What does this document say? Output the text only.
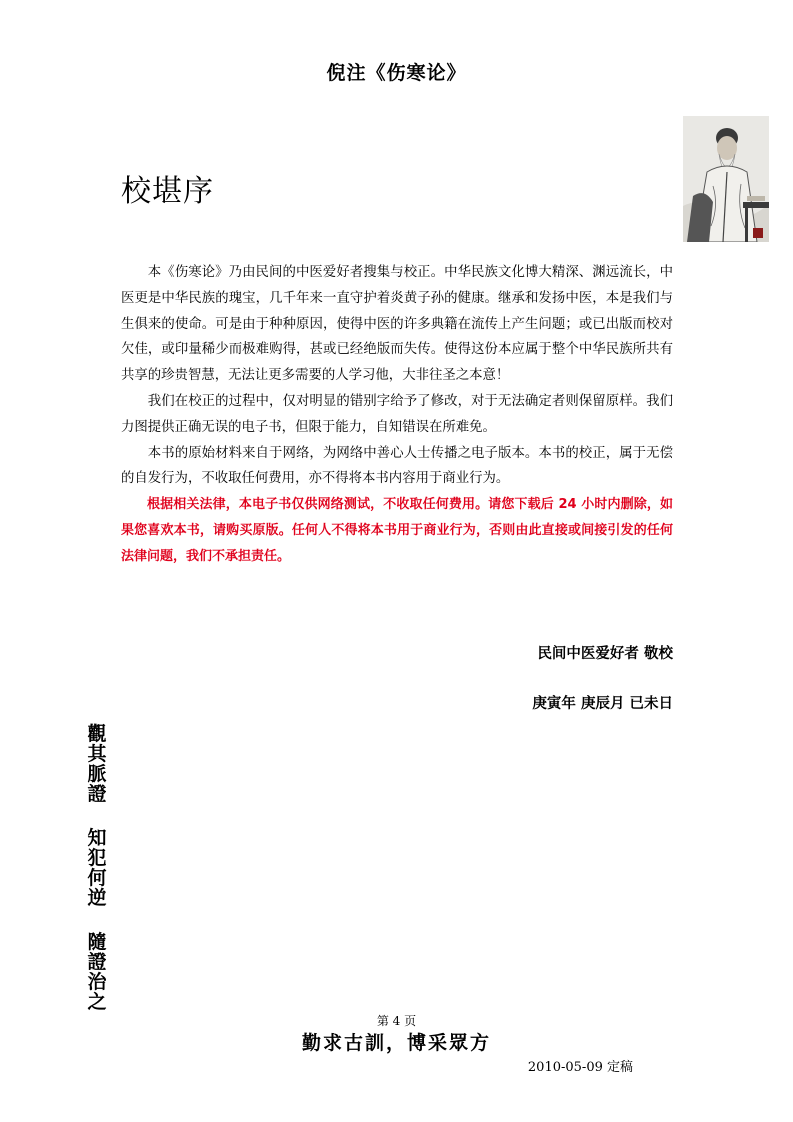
倪注《伤寒论》
校堪序

本《伤寒论》乃由民间的中医爱好者搜集与校正。中华民族文化博大精深、渊远流长，中医更是中华民族的瑰宝，几千年来一直守护着炎黄子孙的健康。继承和发扬中医，本是我们与生俱来的使命。可是由于种种原因，使得中医的许多典籍在流传上产生问题；或已出版而校对欠佳，或印量稀少而极难购得，甚或已经绝版而失传。使得这份本应属于整个中华民族所共有共享的珍贵智慧，无法让更多需要的人学习他，大非往圣之本意！

我们在校正的过程中，仅对明显的错别字给予了修改，对于无法确定者则保留原样。我们力图提供正确无误的电子书，但限于能力，自知错误在所难免。

本书的原始材料来自于网络，为网络中善心人士传播之电子版本。本书的校正，属于无偿的自发行为，不收取任何费用，亦不得将本书内容用于商业行为。

根据相关法律，本电子书仅供网络测试，不收取任何费用。请您下载后 24 小时内删除，如果您喜欢本书，请购买原版。任何人不得将本书用于商业行为，否则由此直接或间接引发的任何法律问题，我们不承担责任。

民间中医爱好者 敬校
庚寅年 庚辰月 已未日
觀
其
脈
證
知
犯
何
逆
隨
證
治
之
第 4 页
勤求古訓，博采眾方
2010-05-09 定稿
